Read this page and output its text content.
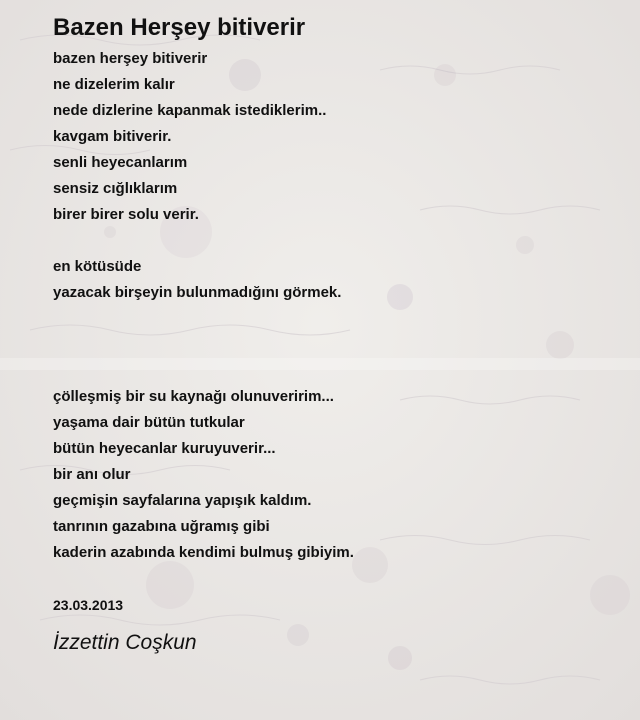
Bazen Herşey bitiverir
bazen herşey bitiverir
ne dizelerim kalır
nede dizlerine kapanmak istediklerim..
kavgam bitiverir.
senli heyecanlarım
sensiz cığlıklarım
birer birer solu verir.
en kötüsüde
yazacak birşeyin bulunmadığını görmek.
çölleşmiş bir su kaynağı olunuveririm...
yaşama dair bütün tutkular
bütün heyecanlar kuruyuverir...
bir anı olur
geçmişin sayfalarına yapışık kaldım.
tanrının gazabına uğramış gibi
kaderin azabında kendimi bulmuş gibiyim.
23.03.2013
İzzettin Coşkun
